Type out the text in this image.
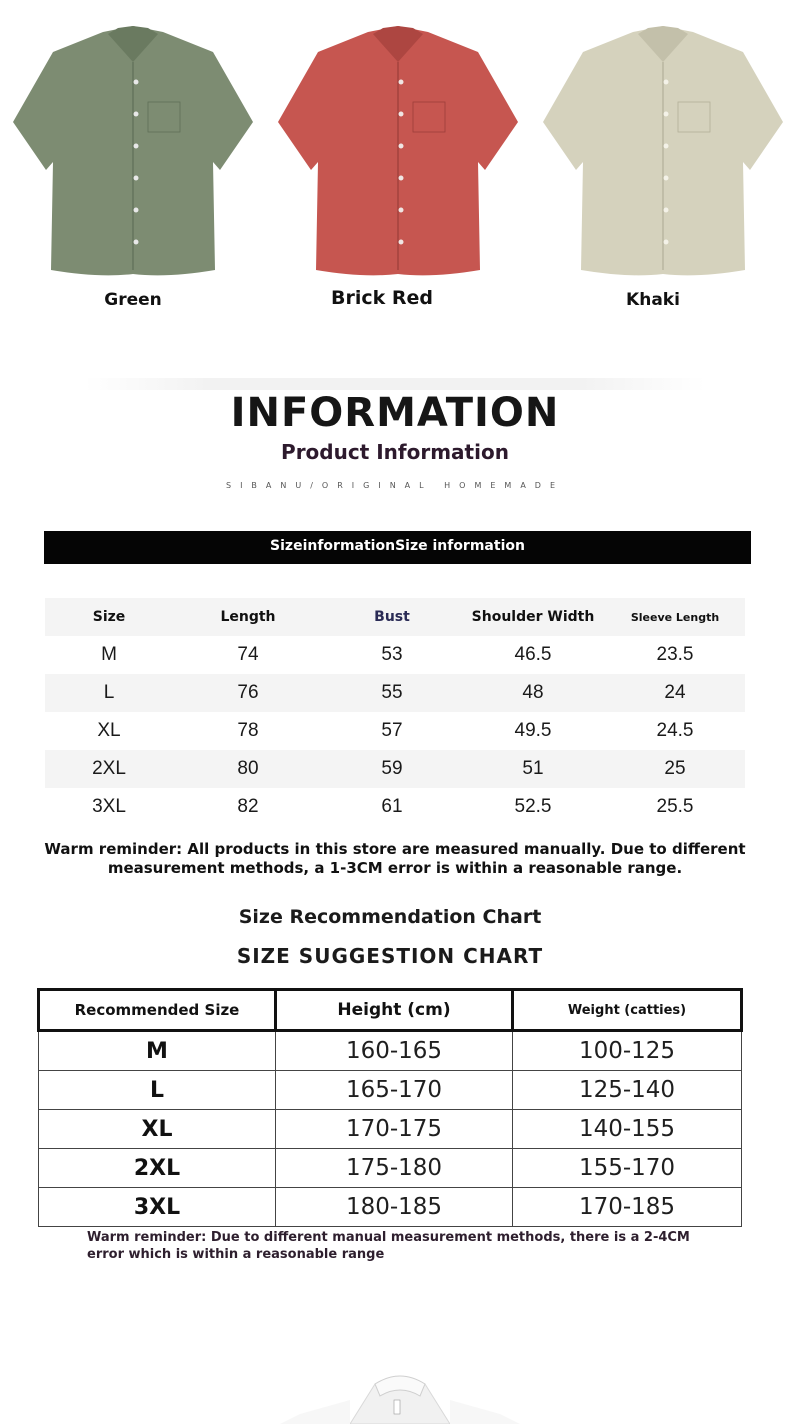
Green	Brick Red	Khaki
INFORMATION
Product Information
SIBANU/ORIGINAL HOMEMADE
SizeinformationSize information
Size	Length	Bust	Shoulder Width	Sleeve Length
M	74	53	46.5	23.5
L	76	55	48	24
XL	78	57	49.5	24.5
2XL	80	59	51	25
3XL	82	61	52.5	25.5
Warm reminder: All products in this store are measured manually. Due to different measurement methods, a 1-3CM error is within a reasonable range.
Size Recommendation Chart
SIZE SUGGESTION CHART
Recommended Size	Height (cm)	Weight (catties)
M	160-165	100-125
L	165-170	125-140
XL	170-175	140-155
2XL	175-180	155-170
3XL	180-185	170-185
Warm reminder: Due to different manual measurement methods, there is a 2-4CM error which is within a reasonable range
